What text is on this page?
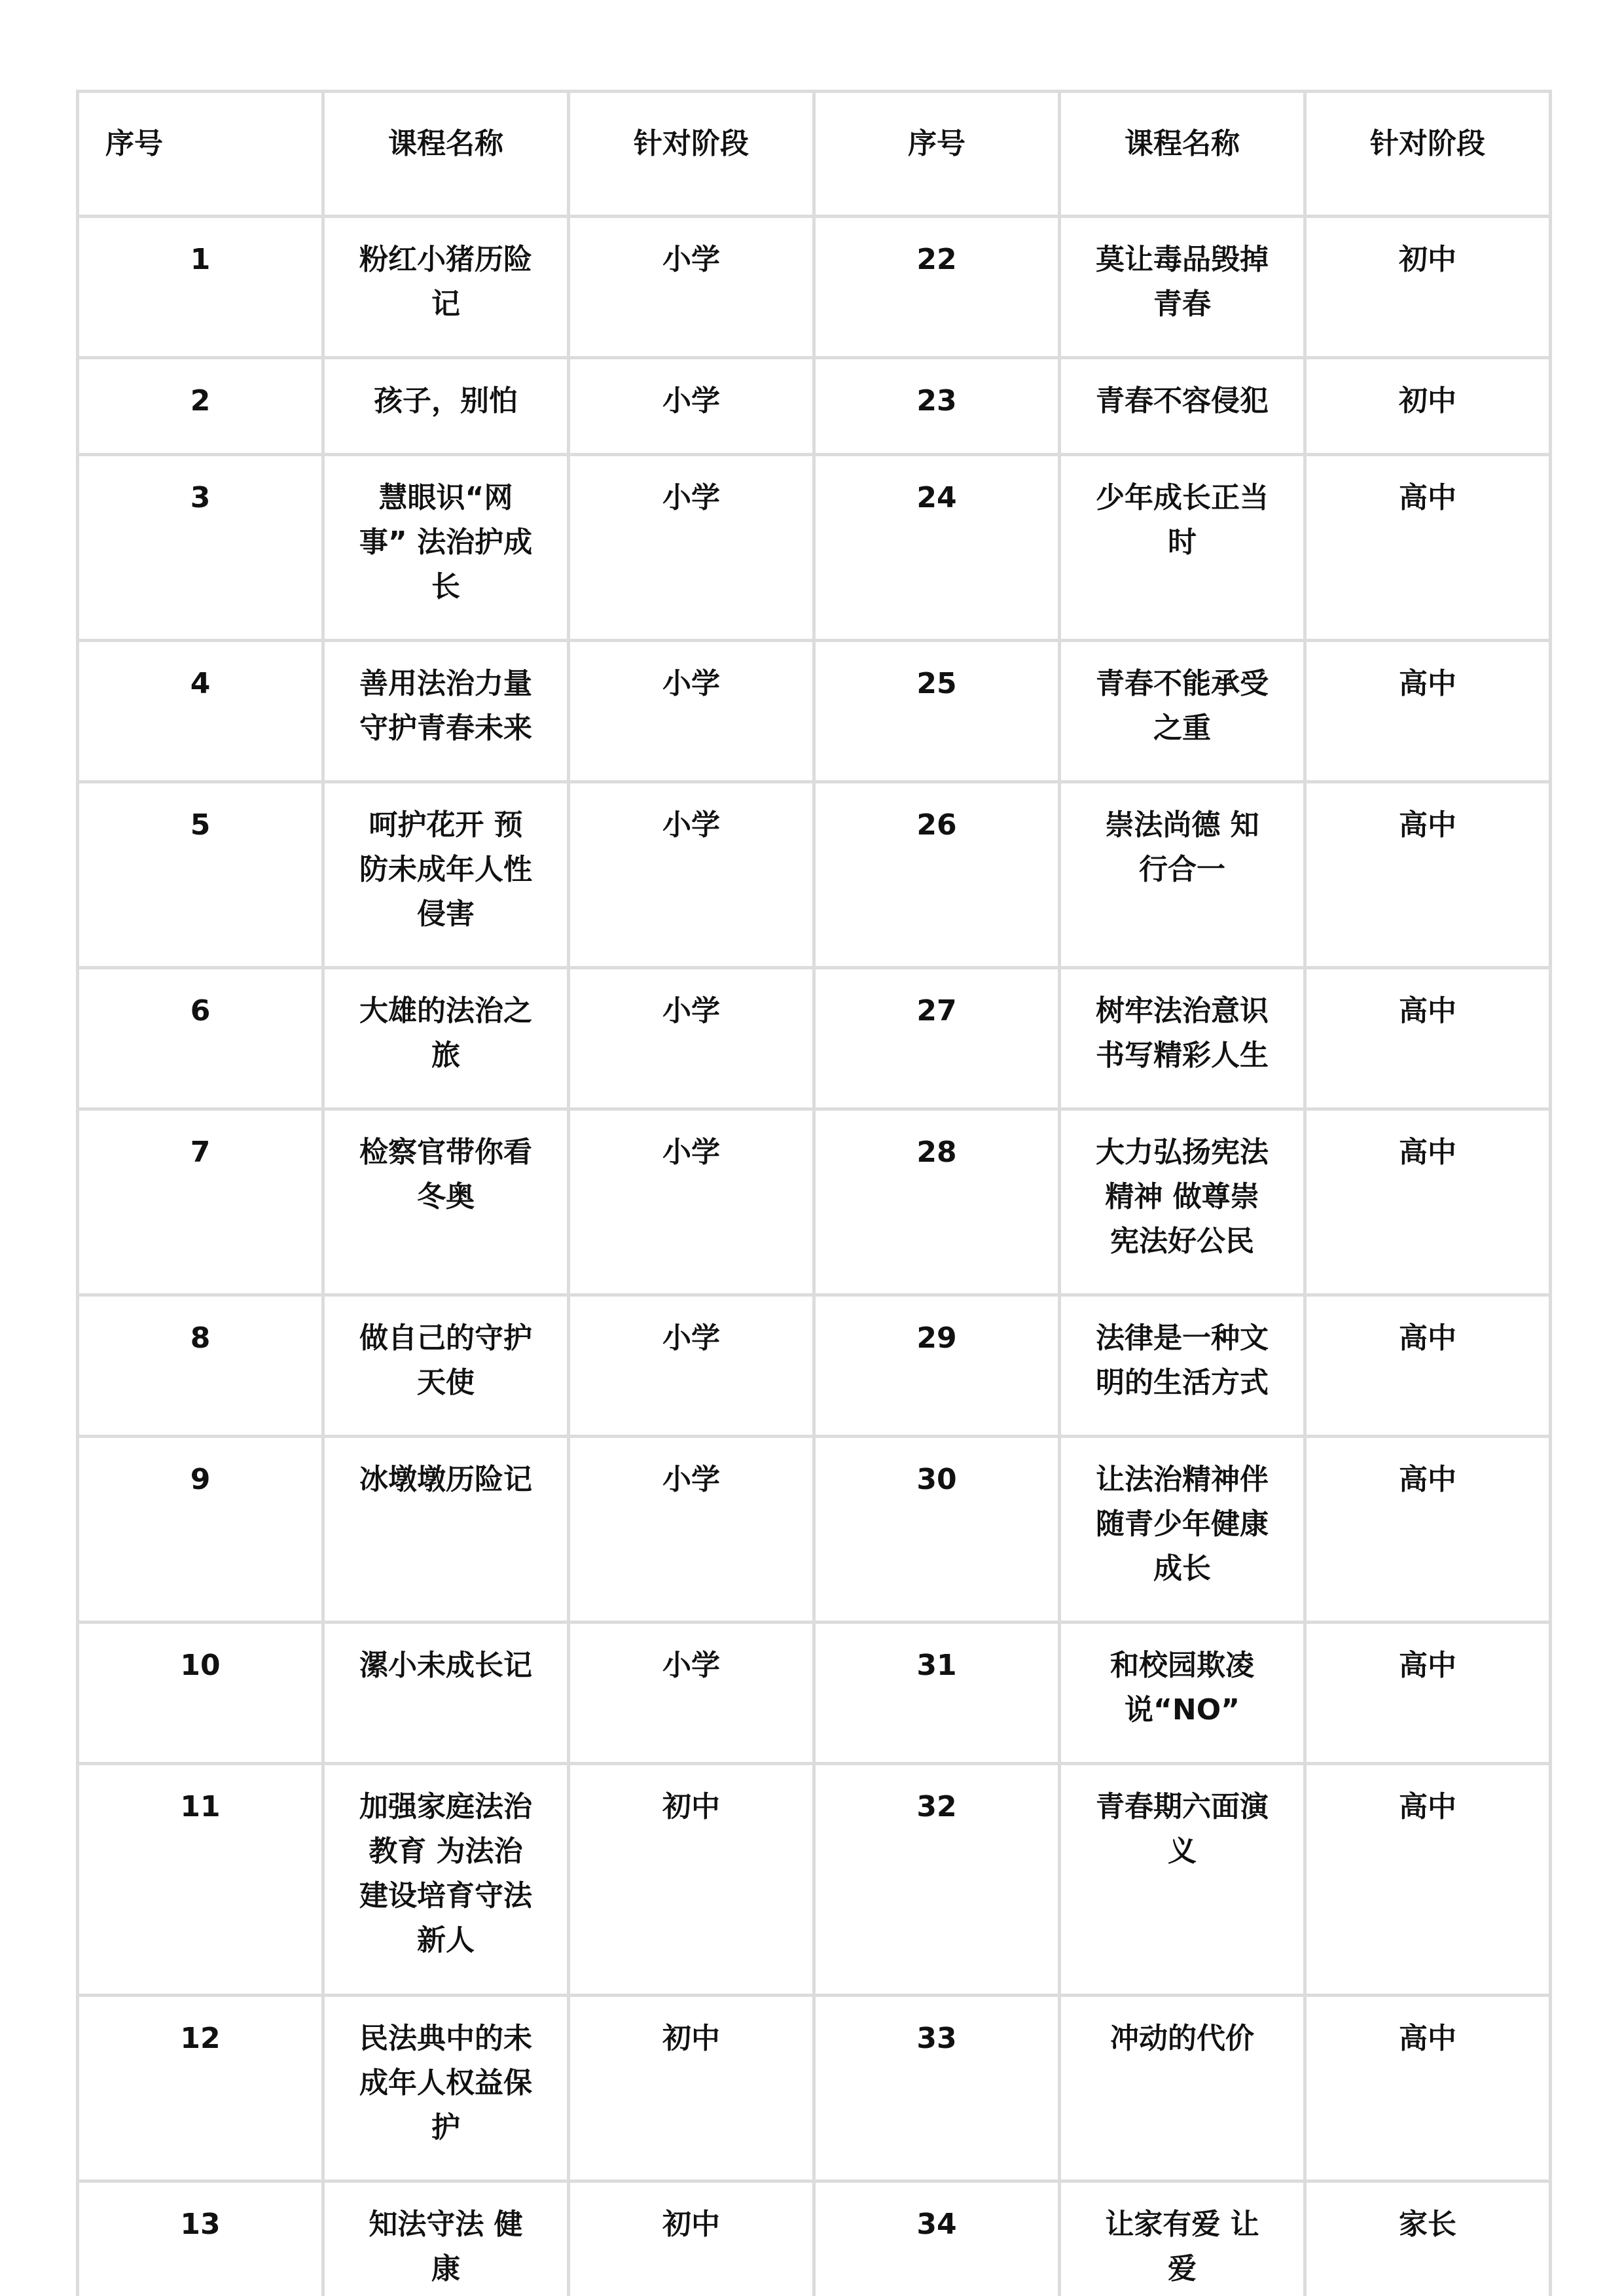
序号	课程名称	针对阶段	序号	课程名称	针对阶段
1	粉红小猪历险记	小学	22	莫让毒品毁掉青春	初中
2	孩子，别怕	小学	23	青春不容侵犯	初中
3	慧眼识“网事” 法治护成长	小学	24	少年成长正当时	高中
4	善用法治力量守护青春未来	小学	25	青春不能承受之重	高中
5	呵护花开 预防未成年人性侵害	小学	26	崇法尚德 知行合一	高中
6	大雄的法治之旅	小学	27	树牢法治意识书写精彩人生	高中
7	检察官带你看冬奥	小学	28	大力弘扬宪法精神 做尊崇宪法好公民	高中
8	做自己的守护天使	小学	29	法律是一种文明的生活方式	高中
9	冰墩墩历险记	小学	30	让法治精神伴随青少年健康成长	高中
10	漯小未成长记	小学	31	和校园欺凌说“NO”	高中
11	加强家庭法治教育 为法治建设培育守法新人	初中	32	青春期六面演义	高中
12	民法典中的未成年人权益保护	初中	33	冲动的代价	高中
13	知法守法 健康	初中	34	让家有爱 让爱	家长
